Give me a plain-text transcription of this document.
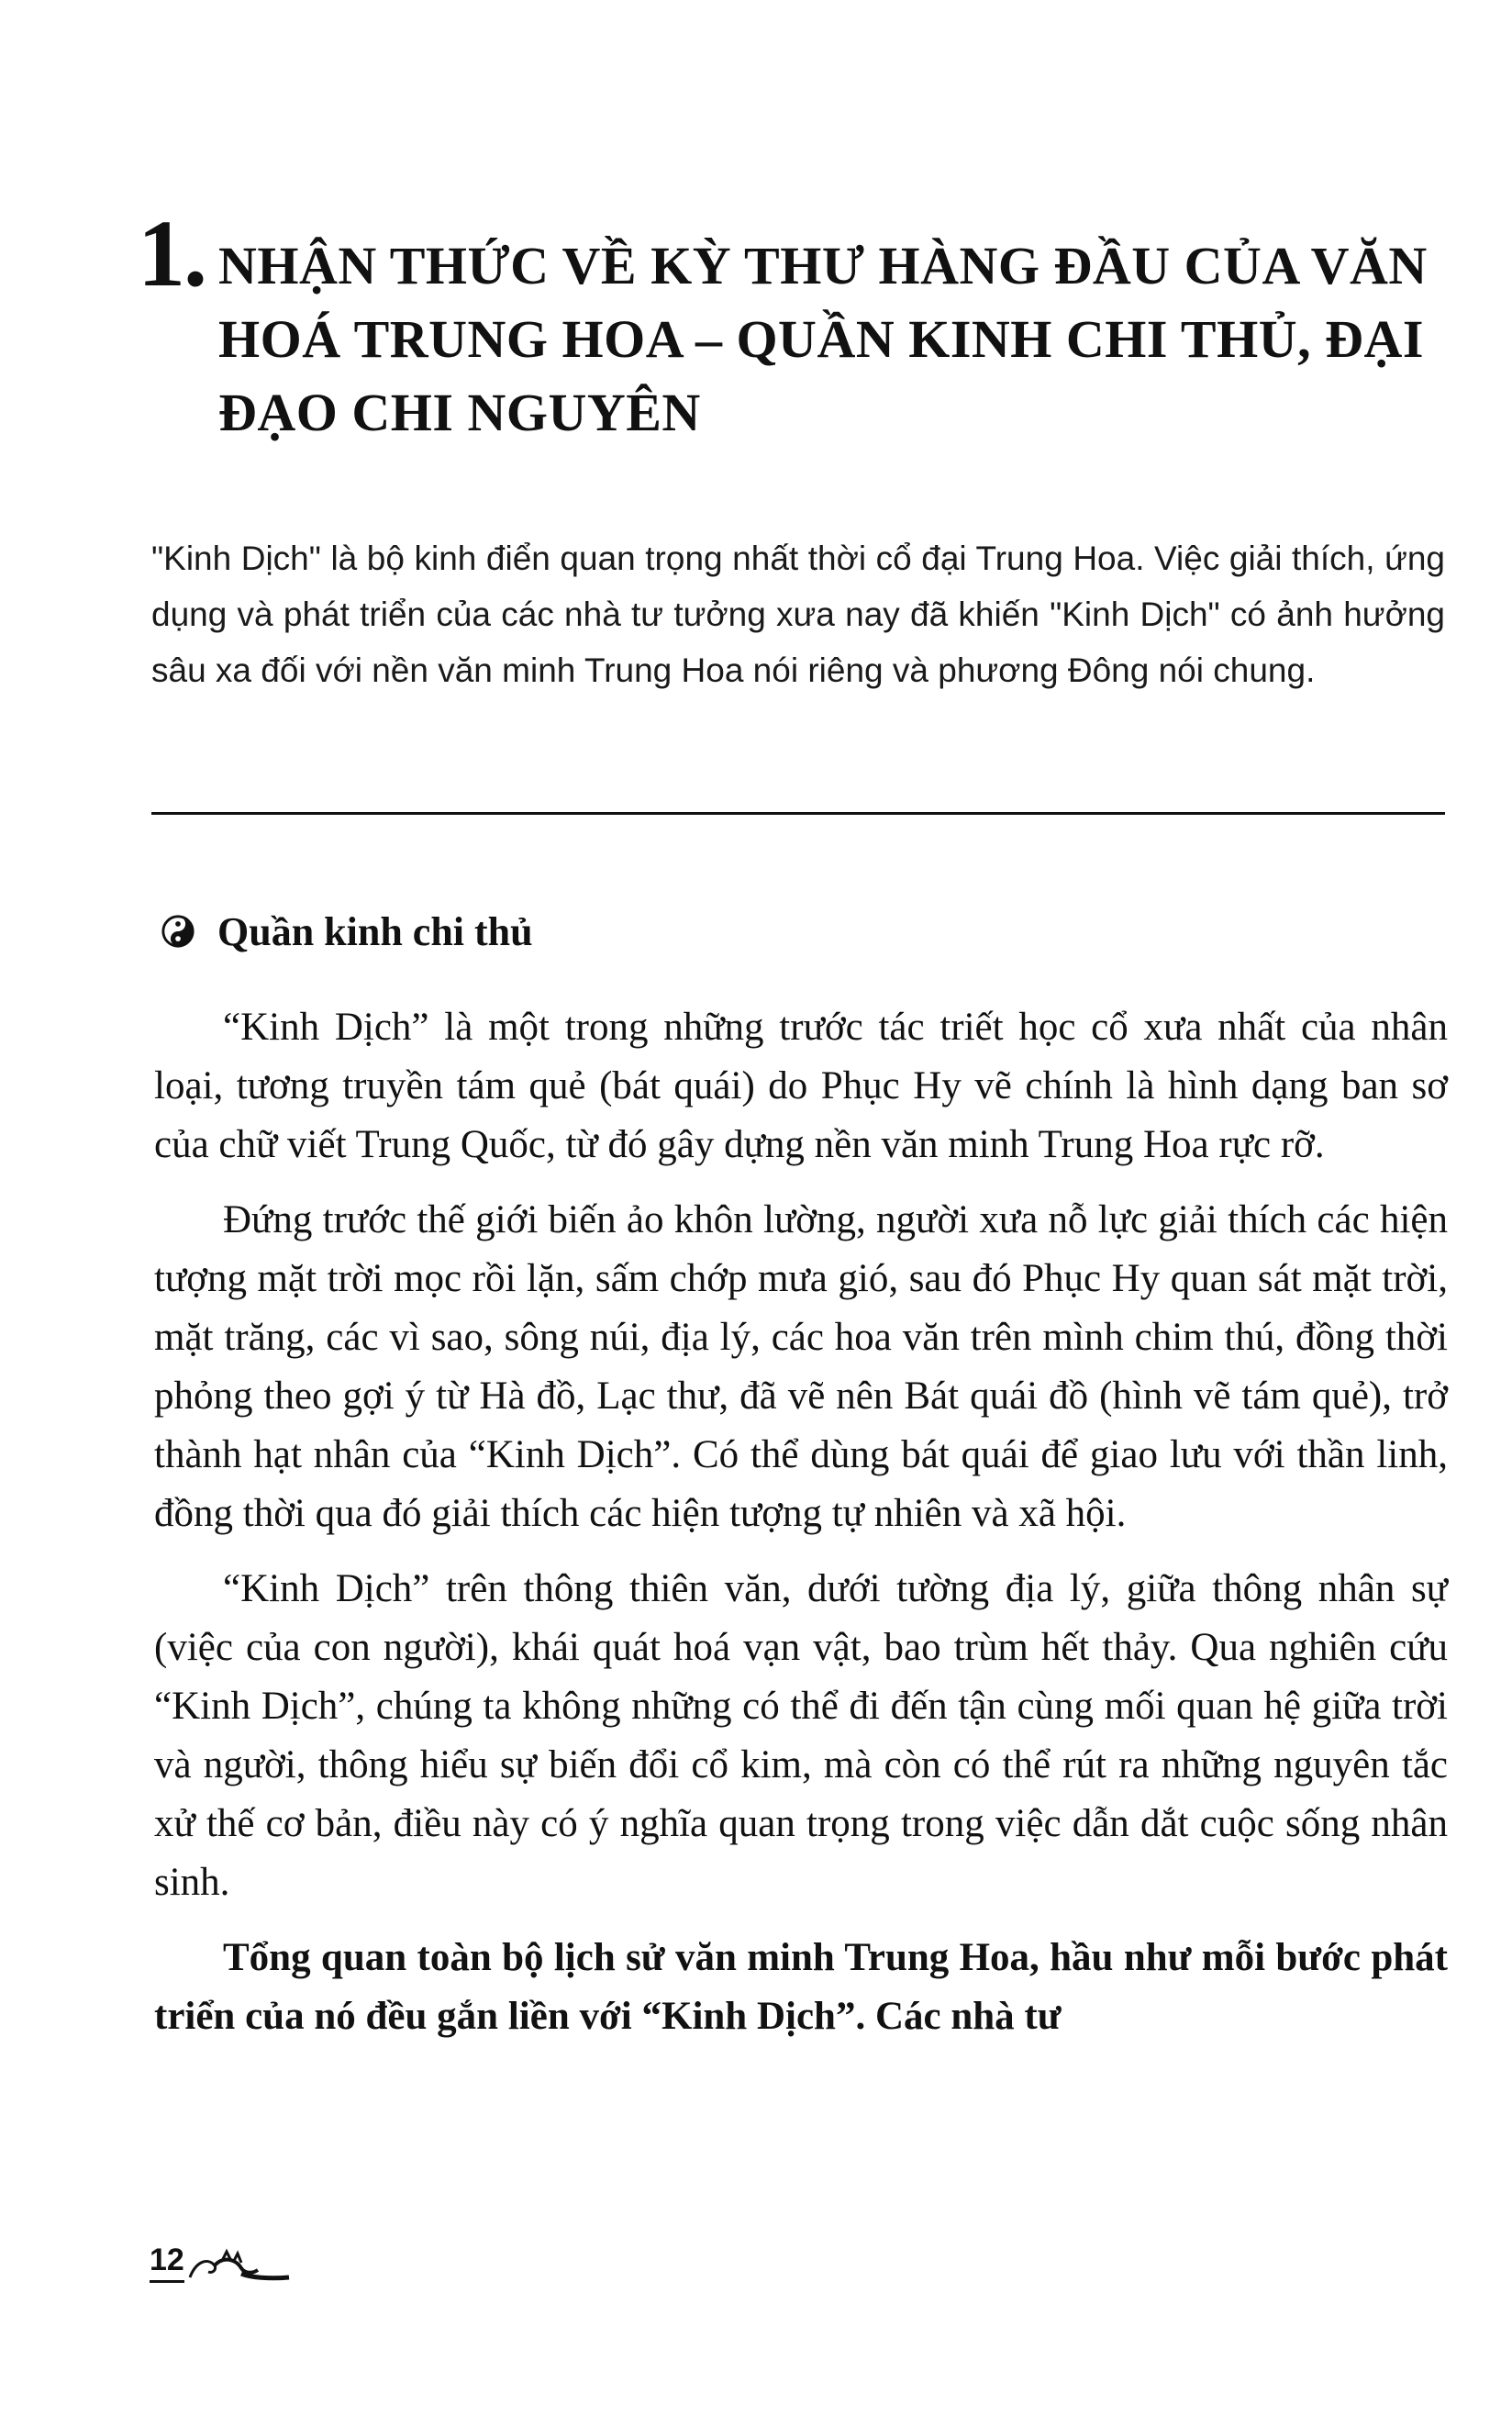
1. NHẬN THỨC VỀ KỲ THƯ HÀNG ĐẦU CỦA VĂN HOÁ TRUNG HOA – QUẦN KINH CHI THỦ, ĐẠI ĐẠO CHI NGUYÊN
"Kinh Dịch" là bộ kinh điển quan trọng nhất thời cổ đại Trung Hoa. Việc giải thích, ứng dụng và phát triển của các nhà tư tưởng xưa nay đã khiến "Kinh Dịch" có ảnh hưởng sâu xa đối với nền văn minh Trung Hoa nói riêng và phương Đông nói chung.
Quần kinh chi thủ

“Kinh Dịch” là một trong những trước tác triết học cổ xưa nhất của nhân loại, tương truyền tám quẻ (bát quái) do Phục Hy vẽ chính là hình dạng ban sơ của chữ viết Trung Quốc, từ đó gây dựng nền văn minh Trung Hoa rực rỡ.

Đứng trước thế giới biến ảo khôn lường, người xưa nỗ lực giải thích các hiện tượng mặt trời mọc rồi lặn, sấm chớp mưa gió, sau đó Phục Hy quan sát mặt trời, mặt trăng, các vì sao, sông núi, địa lý, các hoa văn trên mình chim thú, đồng thời phỏng theo gợi ý từ Hà đồ, Lạc thư, đã vẽ nên Bát quái đồ (hình vẽ tám quẻ), trở thành hạt nhân của “Kinh Dịch”. Có thể dùng bát quái để giao lưu với thần linh, đồng thời qua đó giải thích các hiện tượng tự nhiên và xã hội.

“Kinh Dịch” trên thông thiên văn, dưới tường địa lý, giữa thông nhân sự (việc của con người), khái quát hoá vạn vật, bao trùm hết thảy. Qua nghiên cứu “Kinh Dịch”, chúng ta không những có thể đi đến tận cùng mối quan hệ giữa trời và người, thông hiểu sự biến đổi cổ kim, mà còn có thể rút ra những nguyên tắc xử thế cơ bản, điều này có ý nghĩa quan trọng trong việc dẫn dắt cuộc sống nhân sinh.

Tổng quan toàn bộ lịch sử văn minh Trung Hoa, hầu như mỗi bước phát triển của nó đều gắn liền với “Kinh Dịch”. Các nhà tư

12
